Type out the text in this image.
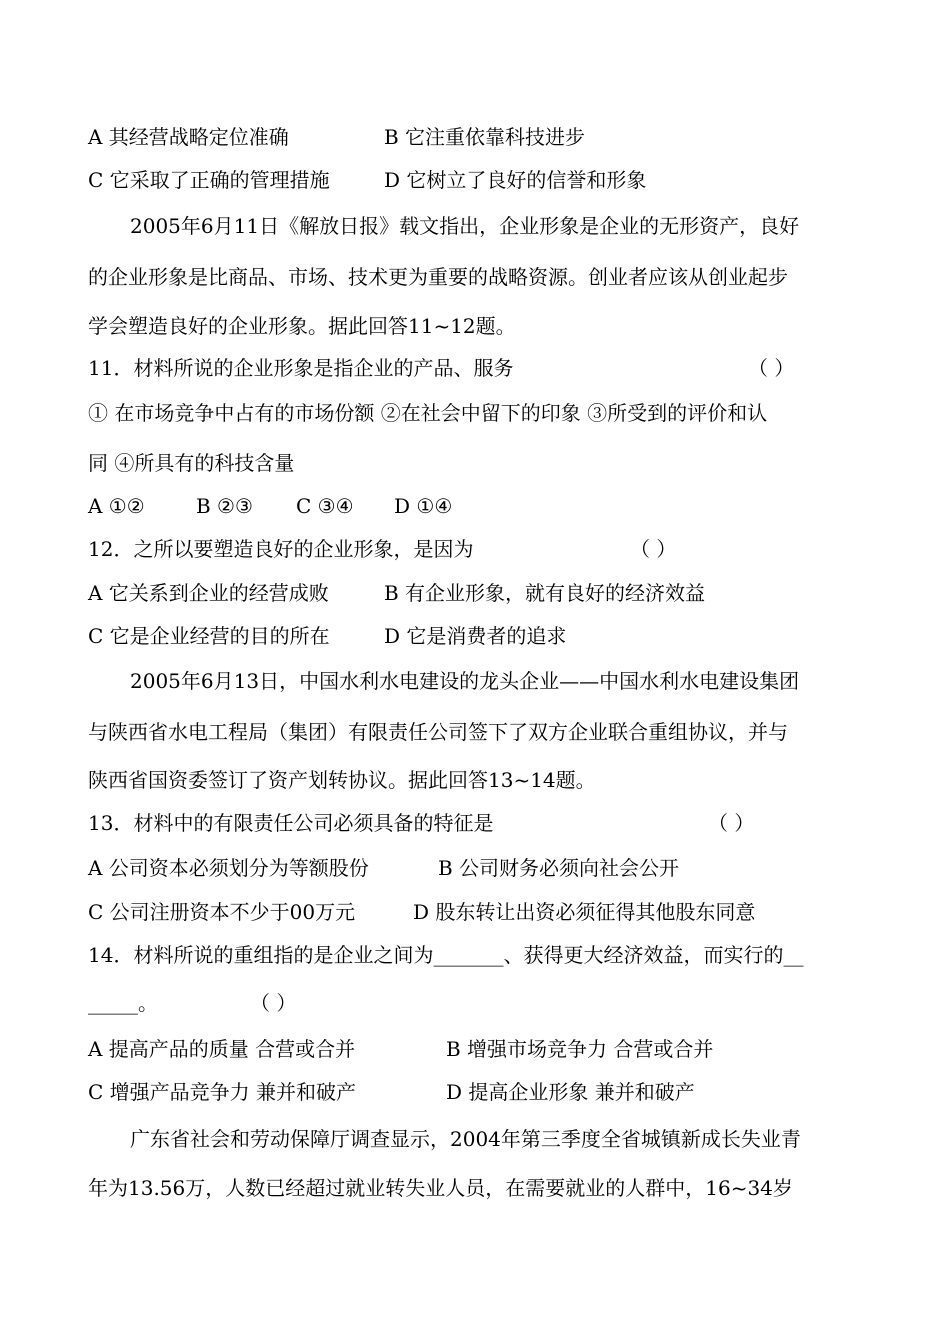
A 其经营战略定位准确	B 它注重依靠科技进步
C 它采取了正确的管理措施	D 它树立了良好的信誉和形象
2005年6月11日《解放日报》载文指出，企业形象是企业的无形资产，良好
的企业形象是比商品、市场、技术更为重要的战略资源。创业者应该从创业起步
学会塑造良好的企业形象。据此回答11~12题。
11．材料所说的企业形象是指企业的产品、服务	（ ）
① 在市场竞争中占有的市场份额 ②在社会中留下的印象 ③所受到的评价和认
同 ④所具有的科技含量
A ①②	B ②③ C ③④ D ①④
12．之所以要塑造良好的企业形象，是因为	（ ）
A 它关系到企业的经营成败	B 有企业形象，就有良好的经济效益
C 它是企业经营的目的所在	D 它是消费者的追求
2005年6月13日，中国水利水电建设的龙头企业——中国水利水电建设集团
与陕西省水电工程局（集团）有限责任公司签下了双方企业联合重组协议，并与
陕西省国资委签订了资产划转协议。据此回答13~14题。
13．材料中的有限责任公司必须具备的特征是	（ ）
A 公司资本必须划分为等额股份	B 公司财务必须向社会公开
C 公司注册资本不少于00万元	D 股东转让出资必须征得其他股东同意
14．材料所说的重组指的是企业之间为_______、获得更大经济效益，而实行的__
_____。	（ ）
A 提高产品的质量 合营或合并	B 增强市场竞争力 合营或合并
C 增强产品竞争力 兼并和破产	D 提高企业形象 兼并和破产
广东省社会和劳动保障厅调查显示，2004年第三季度全省城镇新成长失业青
年为13.56万，人数已经超过就业转失业人员，在需要就业的人群中，16~34岁
